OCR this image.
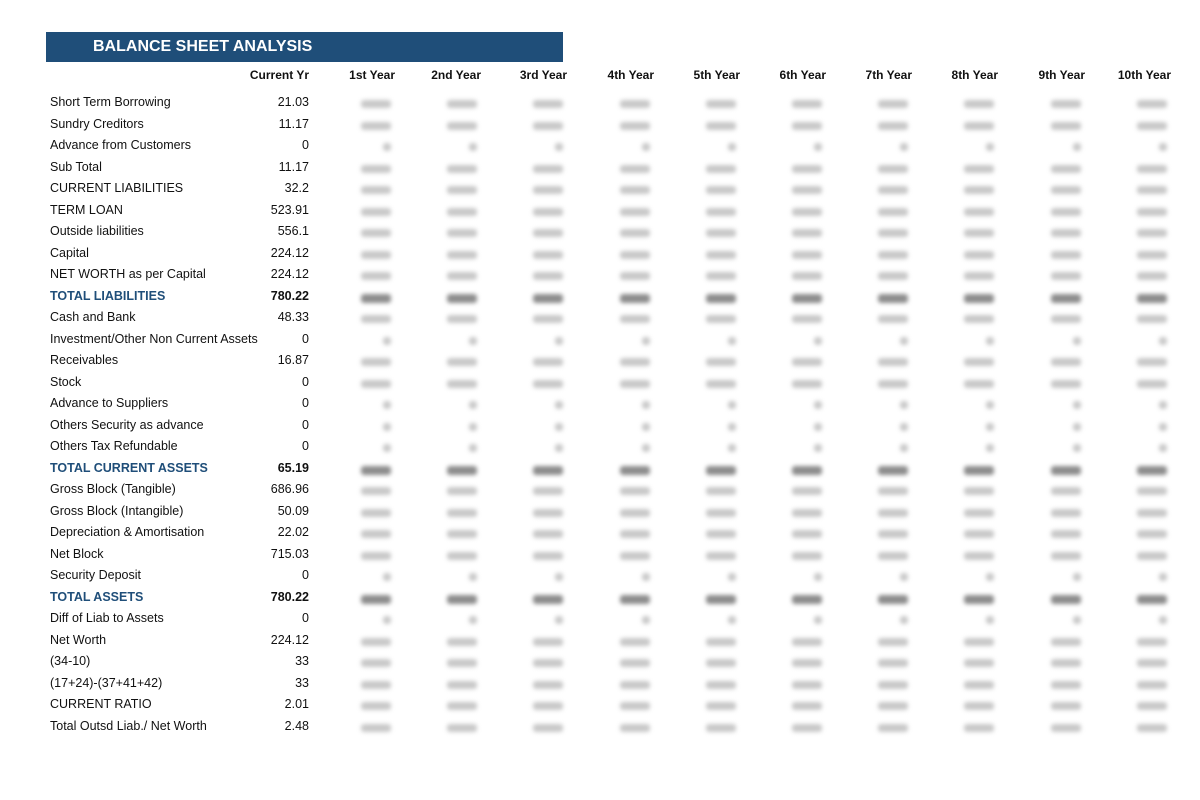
BALANCE SHEET ANALYSIS
Current Yr	1st Year	2nd Year	3rd Year	4th Year	5th Year	6th Year	7th Year	8th Year	9th Year	10th Year
Short Term Borrowing	21.03
Sundry Creditors	11.17
Advance from Customers	0
Sub Total	11.17
CURRENT LIABILITIES	32.2
TERM LOAN	523.91
Outside liabilities	556.1
Capital	224.12
NET WORTH as per Capital	224.12
TOTAL LIABILITIES	780.22
Cash and Bank	48.33
Investment/Other Non Current Assets	0
Receivables	16.87
Stock	0
Advance to Suppliers	0
Others Security as advance	0
Others Tax Refundable	0
TOTAL CURRENT ASSETS	65.19
Gross Block (Tangible)	686.96
Gross Block (Intangible)	50.09
Depreciation & Amortisation	22.02
Net Block	715.03
Security Deposit	0
TOTAL ASSETS	780.22
Diff of Liab to Assets	0
Net Worth	224.12
(34-10)	33
(17+24)-(37+41+42)	33
CURRENT RATIO	2.01
Total Outsd Liab./ Net Worth	2.48
